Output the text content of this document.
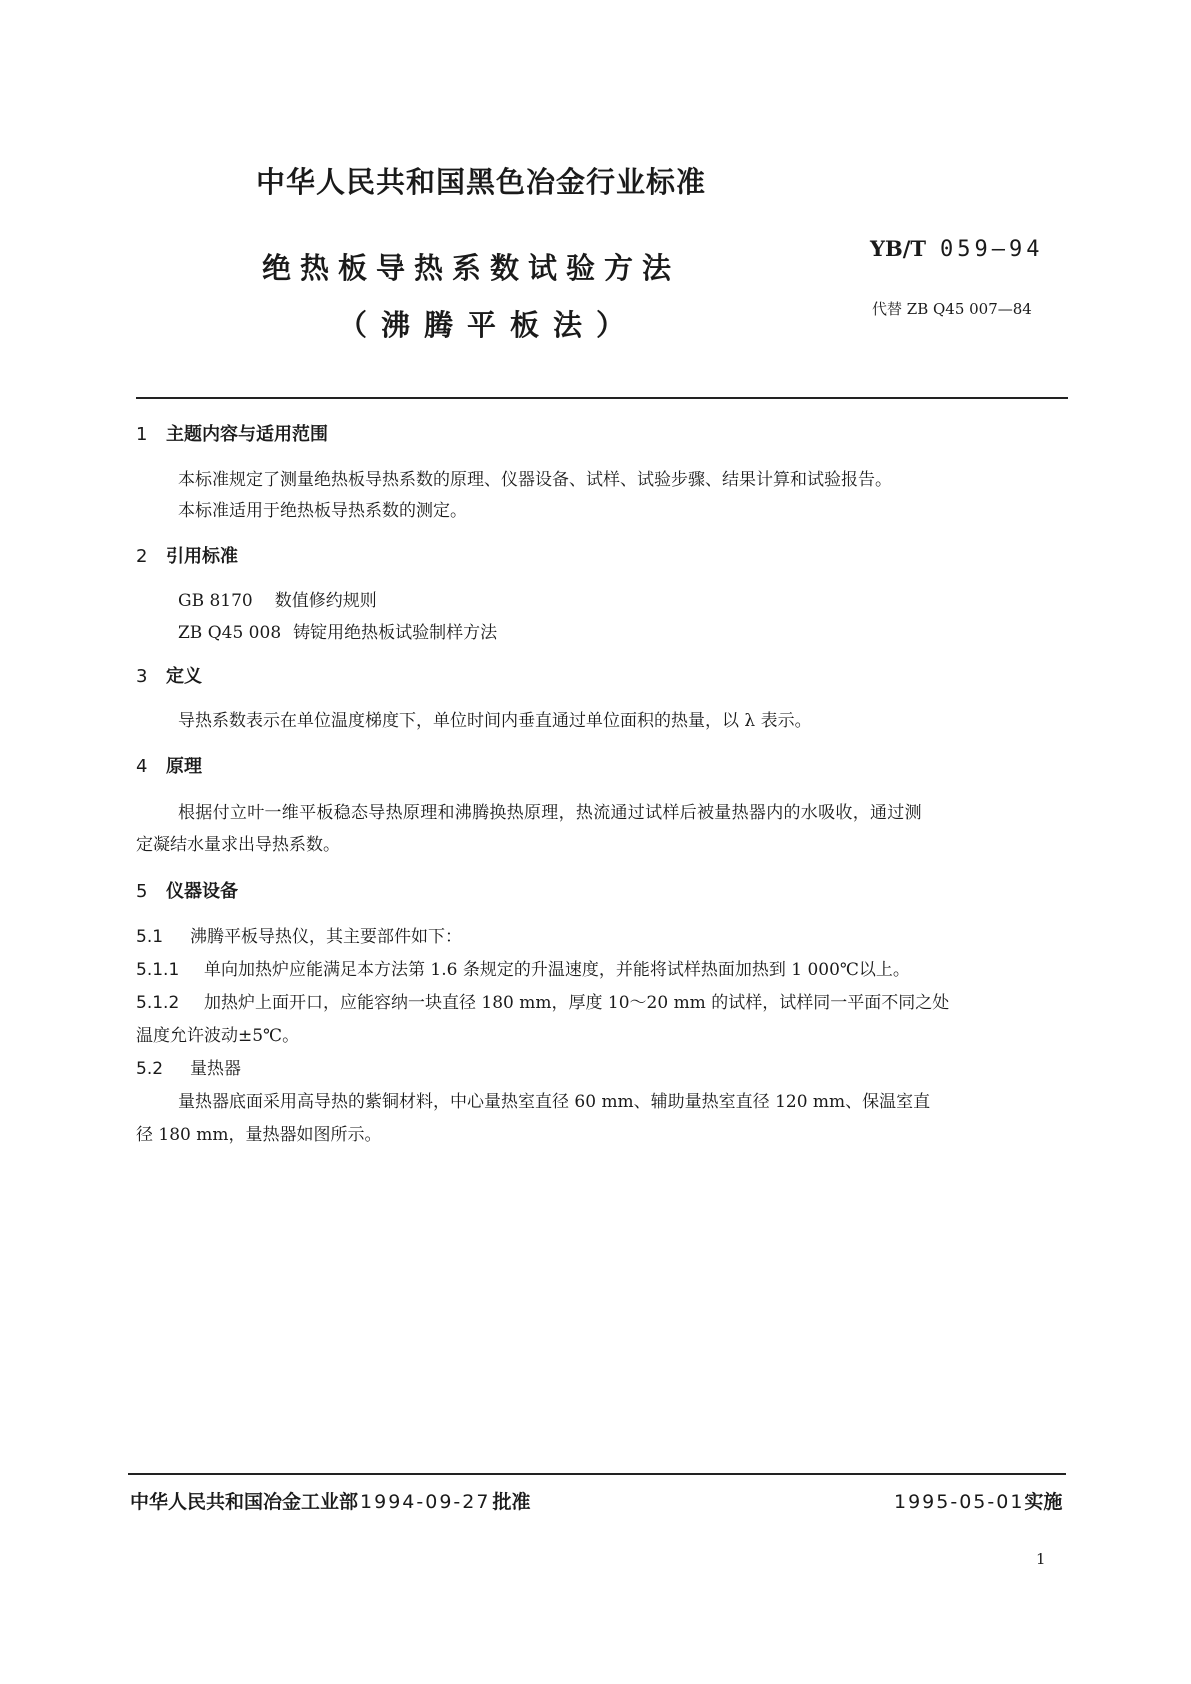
中华人民共和国黑色冶金行业标准
绝热板导热系数试验方法
（沸腾平板法）
YB/T 059—94
代替 ZB Q45 007—84
1 主题内容与适用范围
本标准规定了测量绝热板导热系数的原理、仪器设备、试样、试验步骤、结果计算和试验报告。
本标准适用于绝热板导热系数的测定。
2 引用标准
GB 8170 数值修约规则
ZB Q45 008 铸锭用绝热板试验制样方法
3 定义
导热系数表示在单位温度梯度下，单位时间内垂直通过单位面积的热量，以 λ 表示。
4 原理
根据付立叶一维平板稳态导热原理和沸腾换热原理，热流通过试样后被量热器内的水吸收，通过测
定凝结水量求出导热系数。
5 仪器设备
5.1 沸腾平板导热仪，其主要部件如下：
5.1.1 单向加热炉应能满足本方法第 1.6 条规定的升温速度，并能将试样热面加热到 1 000℃以上。
5.1.2 加热炉上面开口，应能容纳一块直径 180 mm，厚度 10～20 mm 的试样，试样同一平面不同之处
温度允许波动±5℃。
5.2 量热器
量热器底面采用高导热的紫铜材料，中心量热室直径 60 mm、辅助量热室直径 120 mm、保温室直
径 180 mm，量热器如图所示。
中华人民共和国冶金工业部 1994-09-27 批准	1995-05-01实施
1
